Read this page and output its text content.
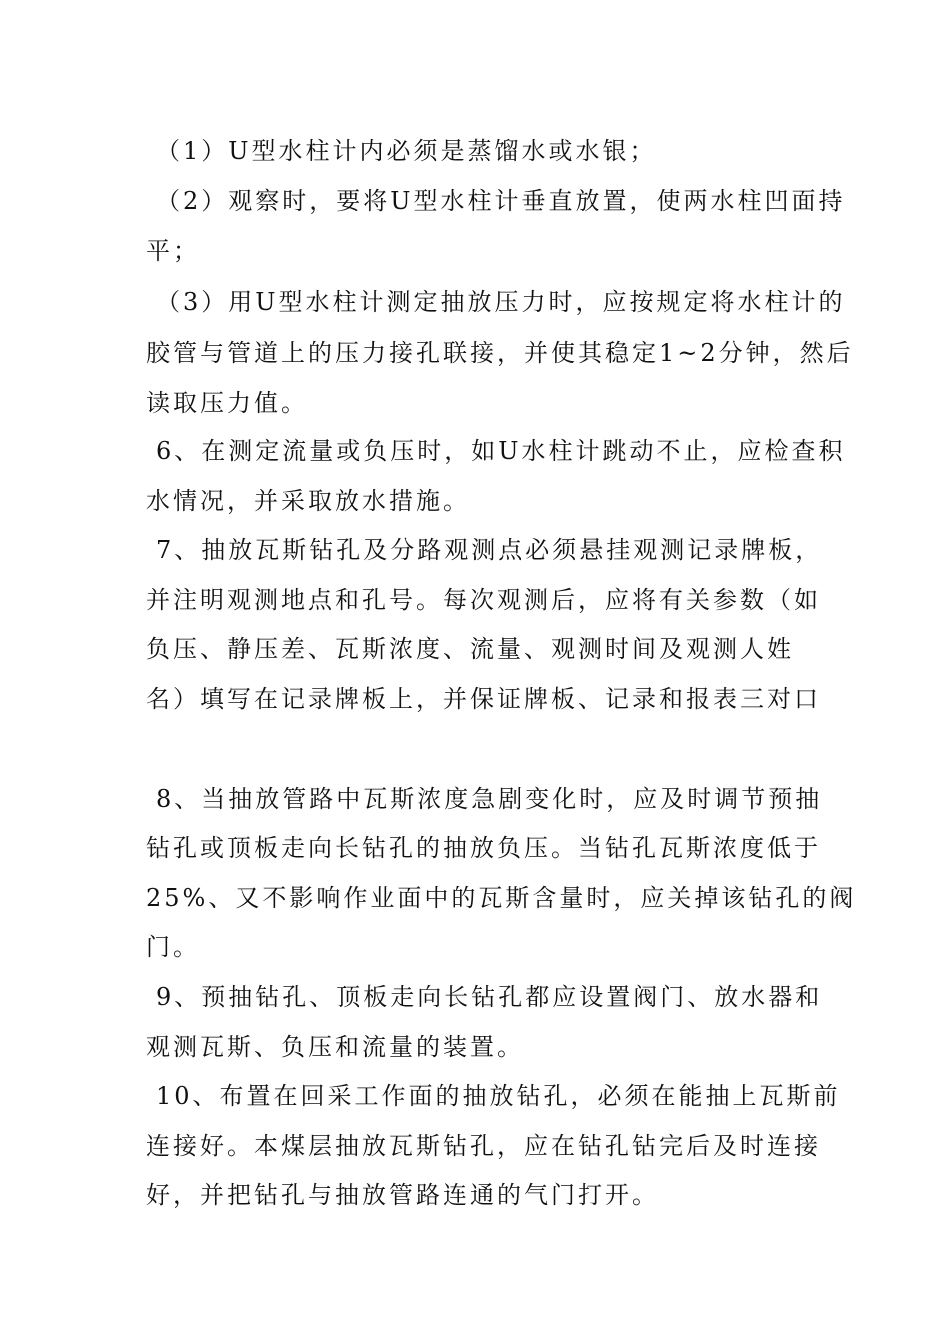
（1）U型水柱计内必须是蒸馏水或水银；
（2）观察时，要将U型水柱计垂直放置，使两水柱凹面持
平；
（3）用U型水柱计测定抽放压力时，应按规定将水柱计的
胶管与管道上的压力接孔联接，并使其稳定1~2分钟，然后
读取压力值。
6、在测定流量或负压时，如U水柱计跳动不止，应检查积
水情况，并采取放水措施。
7、抽放瓦斯钻孔及分路观测点必须悬挂观测记录牌板，
并注明观测地点和孔号。每次观测后，应将有关参数（如
负压、静压差、瓦斯浓度、流量、观测时间及观测人姓
名）填写在记录牌板上，并保证牌板、记录和报表三对口
8、当抽放管路中瓦斯浓度急剧变化时，应及时调节预抽
钻孔或顶板走向长钻孔的抽放负压。当钻孔瓦斯浓度低于
25%、又不影响作业面中的瓦斯含量时，应关掉该钻孔的阀
门。
9、预抽钻孔、顶板走向长钻孔都应设置阀门、放水器和
观测瓦斯、负压和流量的装置。
10、布置在回采工作面的抽放钻孔，必须在能抽上瓦斯前
连接好。本煤层抽放瓦斯钻孔，应在钻孔钻完后及时连接
好，并把钻孔与抽放管路连通的气门打开。
